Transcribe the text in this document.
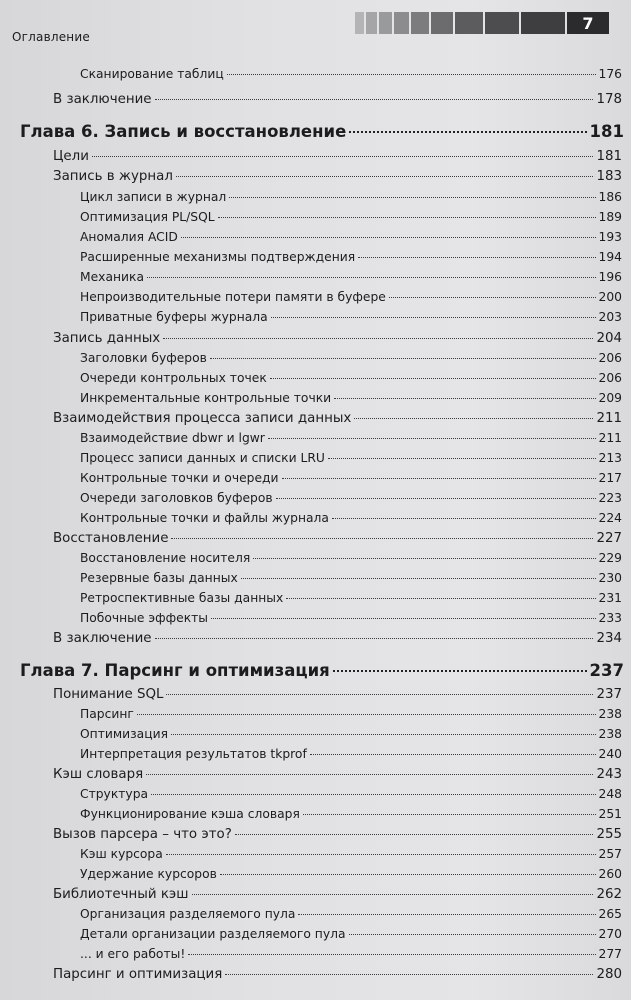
Оглавление
7
Сканирование таблиц	176
В заключение	178
Глава 6. Запись и восстановление	181
Цели	181
Запись в журнал	183
Цикл записи в журнал	186
Оптимизация PL/SQL	189
Аномалия ACID	193
Расширенные механизмы подтверждения	194
Механика	196
Непроизводительные потери памяти в буфере	200
Приватные буферы журнала	203
Запись данных	204
Заголовки буферов	206
Очереди контрольных точек	206
Инкрементальные контрольные точки	209
Взаимодействия процесса записи данных	211
Взаимодействие dbwr и lgwr	211
Процесс записи данных и списки LRU	213
Контрольные точки и очереди	217
Очереди заголовков буферов	223
Контрольные точки и файлы журнала	224
Восстановление	227
Восстановление носителя	229
Резервные базы данных	230
Ретроспективные базы данных	231
Побочные эффекты	233
В заключение	234
Глава 7. Парсинг и оптимизация	237
Понимание SQL	237
Парсинг	238
Оптимизация	238
Интерпретация результатов tkprof	240
Кэш словаря	243
Структура	248
Функционирование кэша словаря	251
Вызов парсера – что это?	255
Кэш курсора	257
Удержание курсоров	260
Библиотечный кэш	262
Организация разделяемого пула	265
Детали организации разделяемого пула	270
... и его работы!	277
Парсинг и оптимизация	280
